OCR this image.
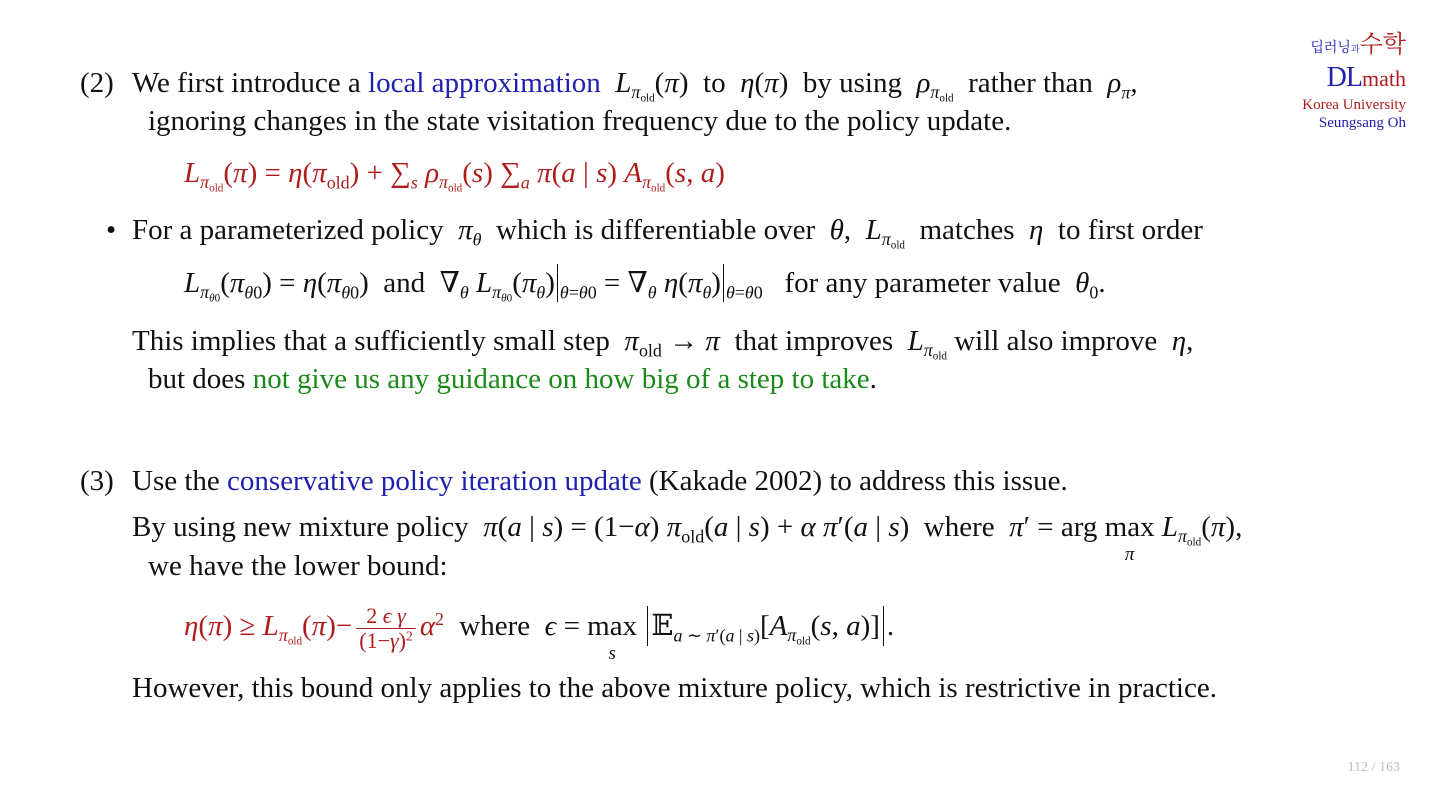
딥러닝과수학
DLmath
Korea University
Seungsang Oh
(2) We first introduce a local approximation $L_{\pi old}(\pi)$  to η(π)  by using $\rho_{\pi old}$ rather than $\rho_\pi$,
ignoring changes in the state visitation frequency due to the policy update.
$L_{\pi old}(\pi) = \eta(\pi_{old}) + \sum_s$ $\rho_{\pi old}(s)$ $\sum_a$ π(a | s) $A_{\pi old}(s$, a)
• For a parameterized policy $\pi_\theta$ which is differentiable over θ,  $L_{\pi old}$ matches η to first order
$L_{\pi\theta 0}(\pi_{\theta 0}) = \eta(\pi_{\theta 0})$  and  $\nabla_\theta$ $L_{\pi\theta 0}(\pi_\theta) _{\theta=\theta 0} = \nabla_\theta$ $\eta(\pi_\theta)$ $_{\theta=\theta 0}$ for any parameter value $\theta_0$.
This implies that a sufficiently small step $\pi_{old} \to \pi$ that improves $L_{\pi old}$ will also improve η,
but does not give us any guidance on how big of a step to take.
(3) Use the conservative policy iteration update (Kakade 2002) to address this issue.
By using new mixture policy π(a | s) = (1−α) $\pi_{old}(a$ | s) + α π′(a | s)  where π′ = arg max
π
$L_{\pi old}(\pi)$,
we have the lower bound:
$\eta(\pi) \ge L_{\pi old}(\pi)- \frac{\text{2 ϵ γ}}{(1-\gamma)^2} \alpha^2$ where ϵ = max
s
$𝔼_{a \sim \pi'(a | s)}[A_{\pi old}(s$, a)] .
However, this bound only applies to the above mixture policy, which is restrictive in practice.
112 / 163
